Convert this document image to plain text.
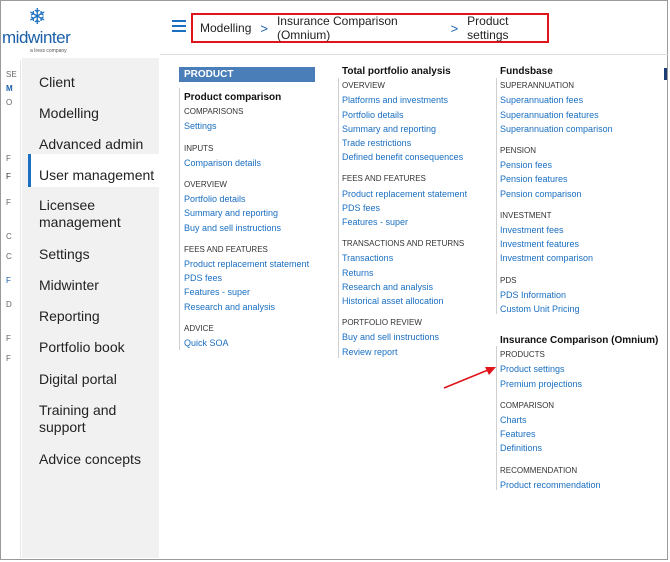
❄
midwinter
a Iress company
SE
M
O
F
F
F
C
C
F
D
F
F
Client
Modelling
Advanced admin
User management
Licensee management
Settings
Midwinter
Reporting
Portfolio book
Digital portal
Training and support
Advice concepts
Modelling > Insurance Comparison (Omnium)	> Product settings
PRODUCT
Product comparison
COMPARISONS
Settings
INPUTS
Comparison details
OVERVIEW
Portfolio details
Summary and reporting
Buy and sell instructions
FEES AND FEATURES
Product replacement statement
PDS fees
Features - super
Research and analysis
ADVICE
Quick SOA
Total portfolio analysis
OVERVIEW
Platforms and investments
Portfolio details
Summary and reporting
Trade restrictions
Defined benefit consequences
FEES AND FEATURES
Product replacement statement
PDS fees
Features - super
TRANSACTIONS AND RETURNS
Transactions
Returns
Research and analysis
Historical asset allocation
PORTFOLIO REVIEW
Buy and sell instructions
Review report
Fundsbase
SUPERANNUATION
Superannuation fees
Superannuation features
Superannuation comparison
PENSION
Pension fees
Pension features
Pension comparison
INVESTMENT
Investment fees
Investment features
Investment comparison
PDS
PDS Information
Custom Unit Pricing
Insurance Comparison (Omnium)
PRODUCTS
Product settings
Premium projections
COMPARISON
Charts
Features
Definitions
RECOMMENDATION
Product recommendation
